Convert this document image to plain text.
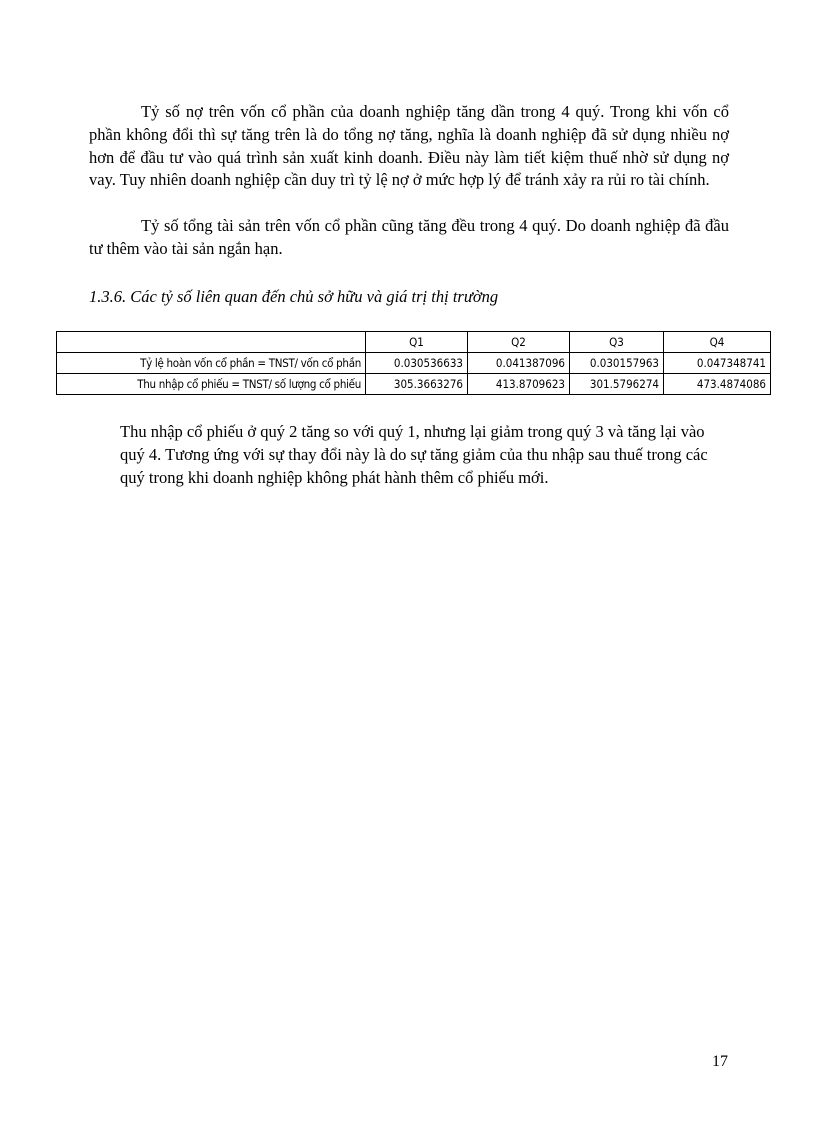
Tỷ số nợ trên vốn cổ phần của doanh nghiệp tăng dần trong 4 quý. Trong khi vốn cổ phần không đổi thì sự tăng trên là do tổng nợ tăng, nghĩa là doanh nghiệp đã sử dụng nhiều nợ hơn để đầu tư vào quá trình sản xuất kinh doanh. Điều này làm tiết kiệm thuế nhờ sử dụng nợ vay. Tuy nhiên doanh nghiệp cần duy trì tỷ lệ nợ ở mức hợp lý để tránh xảy ra rủi ro tài chính.

Tỷ số tổng tài sản trên vốn cổ phần cũng tăng đều trong 4 quý. Do doanh nghiệp đã đầu tư thêm vào tài sản ngắn hạn.

1.3.6. Các tỷ số liên quan đến chủ sở hữu và giá trị thị trường

	Q1	Q2	Q3	Q4
Tỷ lệ hoàn vốn cổ phần = TNST/ vốn cổ phần	0.030536633	0.041387096	0.030157963	0.047348741
Thu nhập cổ phiếu = TNST/ số lượng cổ phiếu	305.3663276	413.8709623	301.5796274	473.4874086

Thu nhập cổ phiếu ở quý 2 tăng so với quý 1, nhưng lại giảm trong quý 3 và tăng lại vào quý 4. Tương ứng với sự thay đổi này là do sự tăng giảm của thu nhập sau thuế trong các quý trong khi doanh nghiệp không phát hành thêm cổ phiếu mới.

17
